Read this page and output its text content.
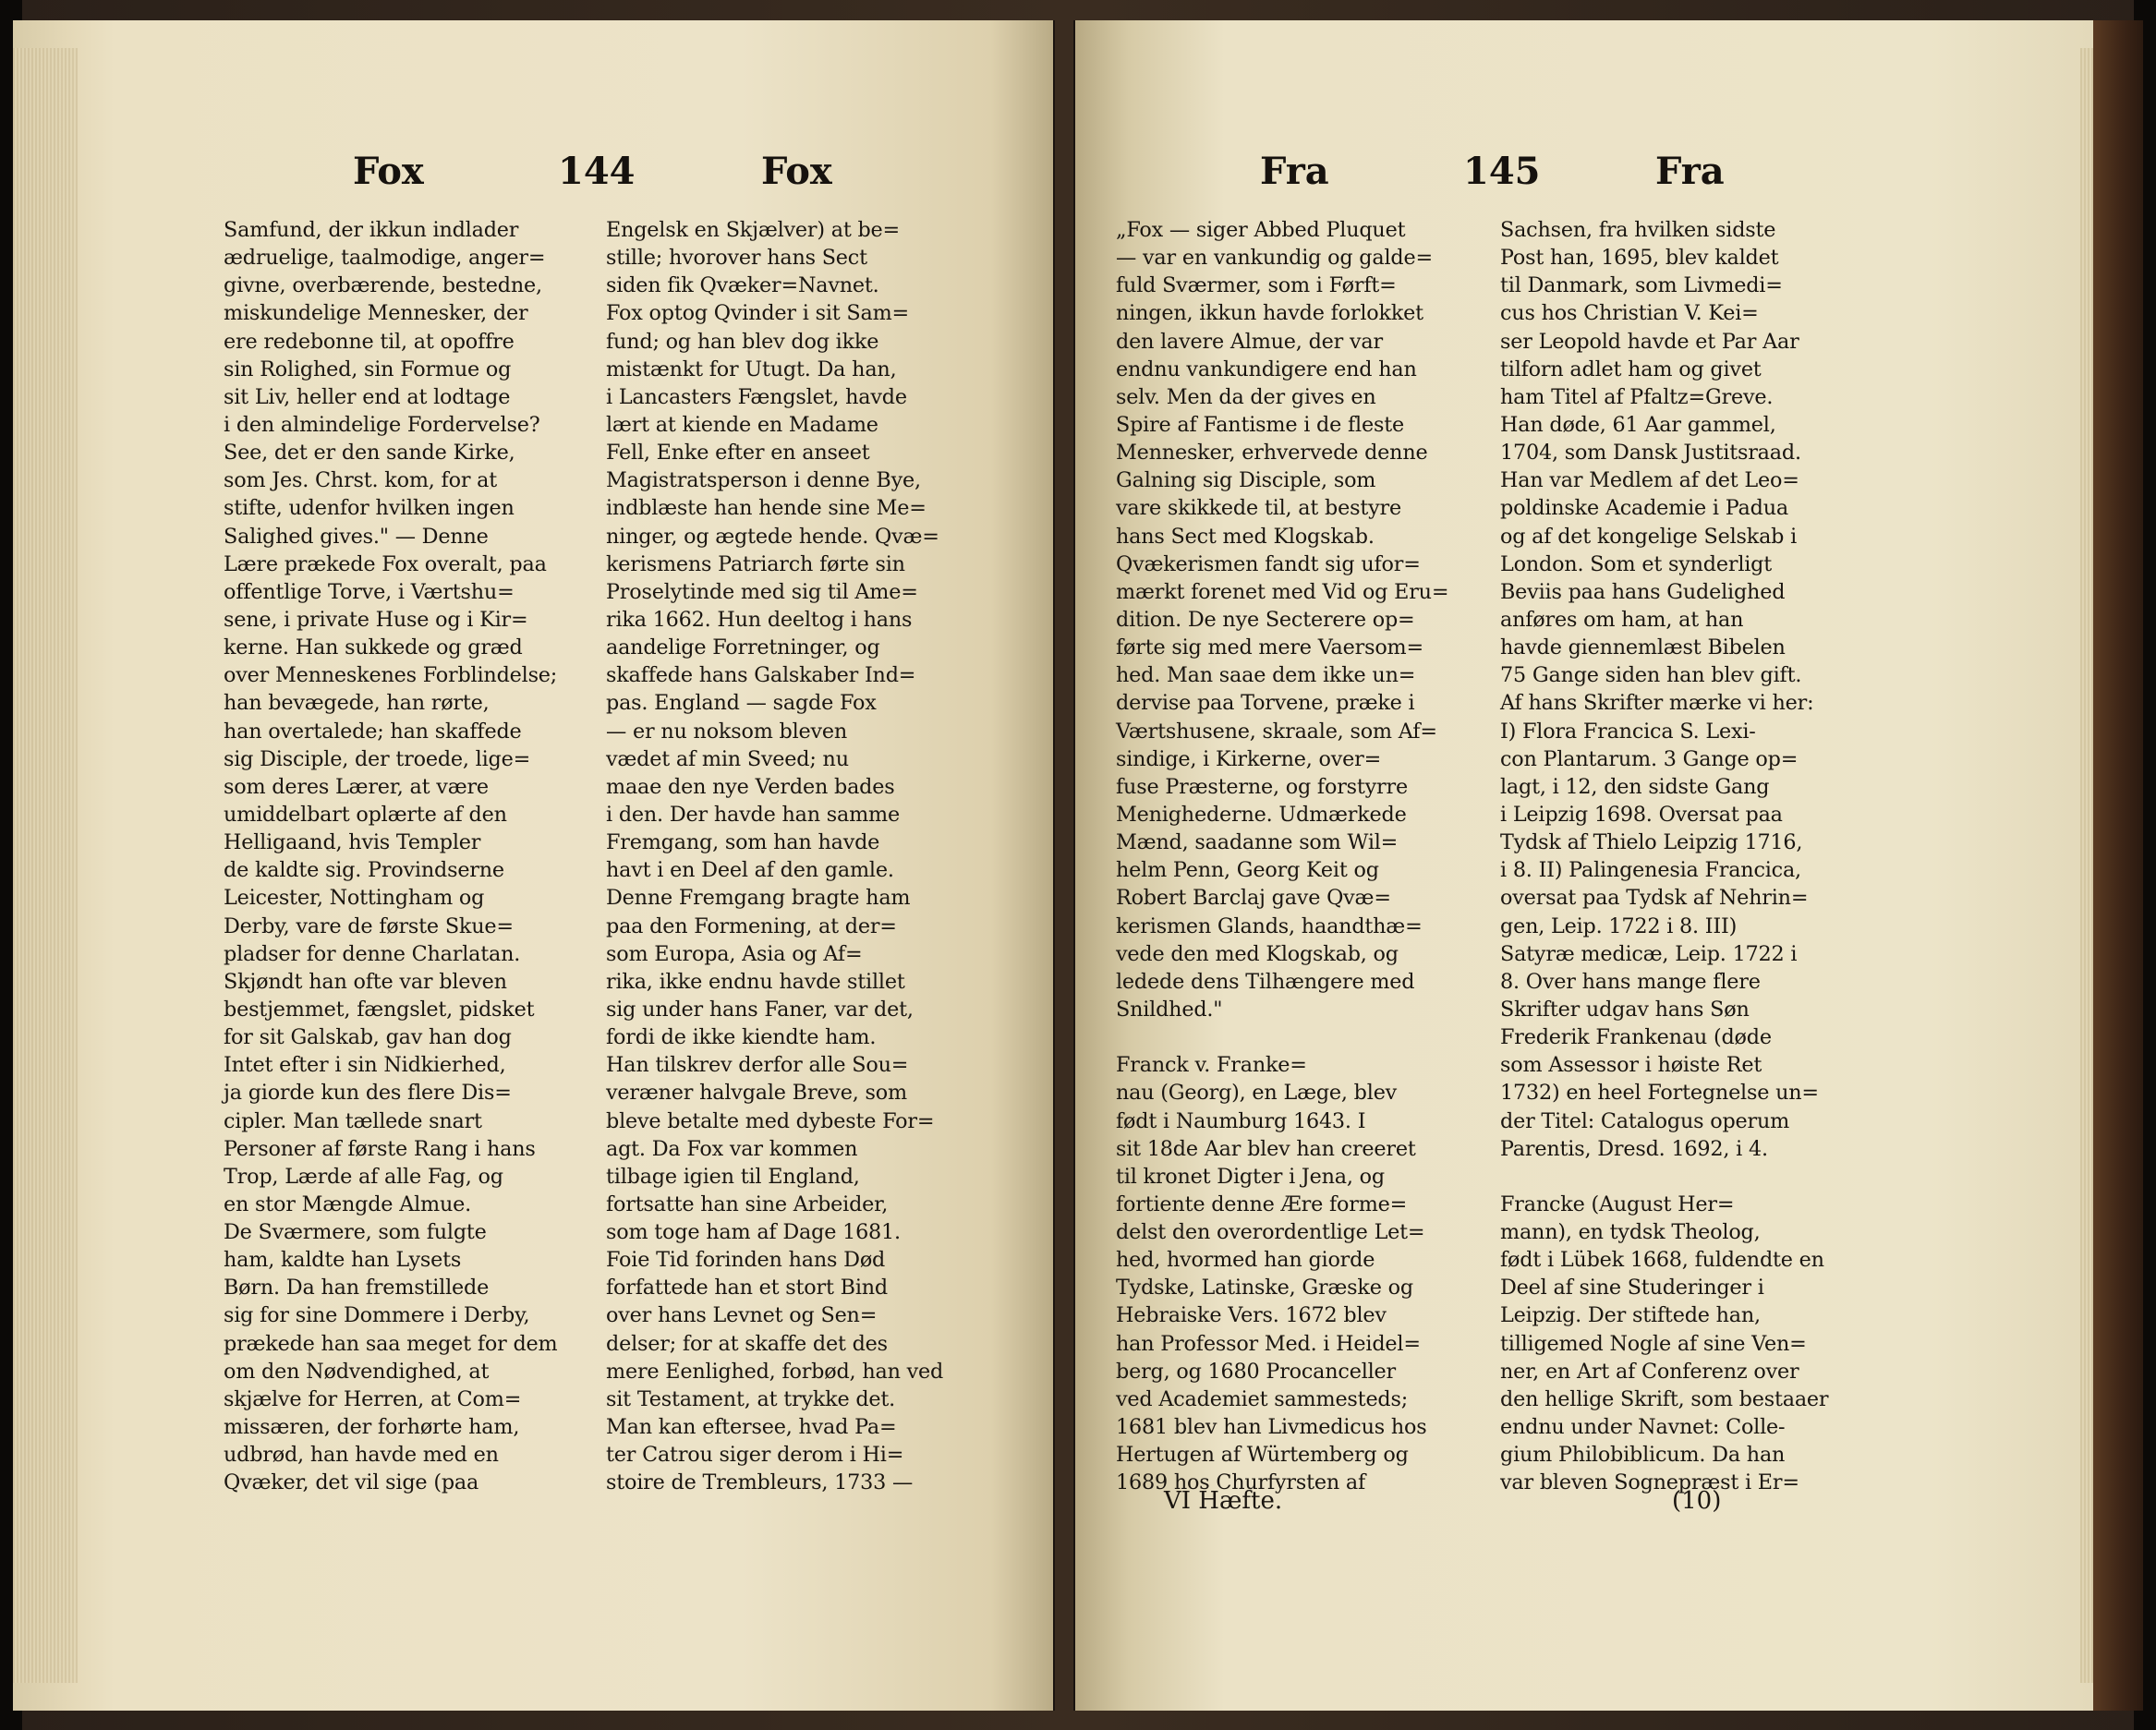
Fox	144	Fox
Samfund, der ikkun indlader
ædruelige, taalmodige, anger=
givne, overbærende, bestedne,
miskundelige Mennesker, der
ere redebonne til, at opoffre
sin Rolighed, sin Formue og
sit Liv, heller end at lodtage
i den almindelige Fordervelse?
See, det er den sande Kirke,
som Jes. Chrst. kom, for at
stifte, udenfor hvilken ingen
Salighed gives." — Denne
Lære prækede Fox overalt, paa
offentlige Torve, i Værtshu=
sene, i private Huse og i Kir=
kerne. Han sukkede og græd
over Menneskenes Forblindelse;
han bevægede, han rørte,
han overtalede; han skaffede
sig Disciple, der troede, lige=
som deres Lærer, at være
umiddelbart oplærte af den
Helligaand, hvis Templer
de kaldte sig. Provindserne
Leicester, Nottingham og
Derby, vare de første Skue=
pladser for denne Charlatan.
Skjøndt han ofte var bleven
bestjemmet, fængslet, pidsket
for sit Galskab, gav han dog
Intet efter i sin Nidkierhed,
ja giorde kun des flere Dis=
cipler. Man tællede snart
Personer af første Rang i hans
Trop, Lærde af alle Fag, og
en stor Mængde Almue.
De Sværmere, som fulgte
ham, kaldte han Lysets
Børn. Da han fremstillede
sig for sine Dommere i Derby,
prækede han saa meget for dem
om den Nødvendighed, at
skjælve for Herren, at Com=
missæren, der forhørte ham,
udbrød, han havde med en
Qvæker, det vil sige (paa
Engelsk en Skjælver) at be=
stille; hvorover hans Sect
siden fik Qvæker=Navnet.
Fox optog Qvinder i sit Sam=
fund; og han blev dog ikke
mistænkt for Utugt. Da han,
i Lancasters Fængslet, havde
lært at kiende en Madame
Fell, Enke efter en anseet
Magistratsperson i denne Bye,
indblæste han hende sine Me=
ninger, og ægtede hende. Qvæ=
kerismens Patriarch førte sin
Proselytinde med sig til Ame=
rika 1662. Hun deeltog i hans
aandelige Forretninger, og
skaffede hans Galskaber Ind=
pas. England — sagde Fox
— er nu noksom bleven
vædet af min Sveed; nu
maae den nye Verden bades
i den. Der havde han samme
Fremgang, som han havde
havt i en Deel af den gamle.
Denne Fremgang bragte ham
paa den Formening, at der=
som Europa, Asia og Af=
rika, ikke endnu havde stillet
sig under hans Faner, var det,
fordi de ikke kiendte ham.
Han tilskrev derfor alle Sou=
veræner halvgale Breve, som
bleve betalte med dybeste For=
agt. Da Fox var kommen
tilbage igien til England,
fortsatte han sine Arbeider,
som toge ham af Dage 1681.
Foie Tid forinden hans Død
forfattede han et stort Bind
over hans Levnet og Sen=
delser; for at skaffe det des
mere Eenlighed, forbød, han ved
sit Testament, at trykke det.
Man kan eftersee, hvad Pa=
ter Catrou siger derom i Hi=
stoire de Trembleurs, 1733 —
Fra	145	Fra
„Fox — siger Abbed Pluquet
— var en vankundig og galde=
fuld Sværmer, som i Førft=
ningen, ikkun havde forlokket
den lavere Almue, der var
endnu vankundigere end han
selv. Men da der gives en
Spire af Fantisme i de fleste
Mennesker, erhvervede denne
Galning sig Disciple, som
vare skikkede til, at bestyre
hans Sect med Klogskab.
Qvækerismen fandt sig ufor=
mærkt forenet med Vid og Eru=
dition. De nye Secterere op=
førte sig med mere Vaersom=
hed. Man saae dem ikke un=
dervise paa Torvene, præke i
Værtshusene, skraale, som Af=
sindige, i Kirkerne, over=
fuse Præsterne, og forstyrre
Menighederne. Udmærkede
Mænd, saadanne som Wil=
helm Penn, Georg Keit og
Robert Barclaj gave Qvæ=
kerismen Glands, haandthæ=
vede den med Klogskab, og
ledede dens Tilhængere med
Snildhed."
Franck v. Franke=
nau (Georg), en Læge, blev
født i Naumburg 1643. I
sit 18de Aar blev han creeret
til kronet Digter i Jena, og
fortiente denne Ære forme=
delst den overordentlige Let=
hed, hvormed han giorde
Tydske, Latinske, Græske og
Hebraiske Vers. 1672 blev
han Professor Med. i Heidel=
berg, og 1680 Procanceller
ved Academiet sammesteds;
1681 blev han Livmedicus hos
Hertugen af Würtemberg og
1689 hos Churfyrsten af
Sachsen, fra hvilken sidste
Post han, 1695, blev kaldet
til Danmark, som Livmedi=
cus hos Christian V. Kei=
ser Leopold havde et Par Aar
tilforn adlet ham og givet
ham Titel af Pfaltz=Greve.
Han døde, 61 Aar gammel,
1704, som Dansk Justitsraad.
Han var Medlem af det Leo=
poldinske Academie i Padua
og af det kongelige Selskab i
London. Som et synderligt
Beviis paa hans Gudelighed
anføres om ham, at han
havde giennemlæst Bibelen
75 Gange siden han blev gift.
Af hans Skrifter mærke vi her:
I) Flora Francica S. Lexi-
con Plantarum. 3 Gange op=
lagt, i 12, den sidste Gang
i Leipzig 1698. Oversat paa
Tydsk af Thielo Leipzig 1716,
i 8. II) Palingenesia Francica,
oversat paa Tydsk af Nehrin=
gen, Leip. 1722 i 8. III)
Satyræ medicæ, Leip. 1722 i
8. Over hans mange flere
Skrifter udgav hans Søn
Frederik Frankenau (døde
som Assessor i høiste Ret
1732) en heel Fortegnelse un=
der Titel: Catalogus operum
Parentis, Dresd. 1692, i 4.
Francke (August Her=
mann), en tydsk Theolog,
født i Lübek 1668, fuldendte en
Deel af sine Studeringer i
Leipzig. Der stiftede han,
tilligemed Nogle af sine Ven=
ner, en Art af Conferenz over
den hellige Skrift, som bestaaer
endnu under Navnet: Colle-
gium Philobiblicum. Da han
var bleven Sognepræst i Er=
VI Hæfte.	(10)
